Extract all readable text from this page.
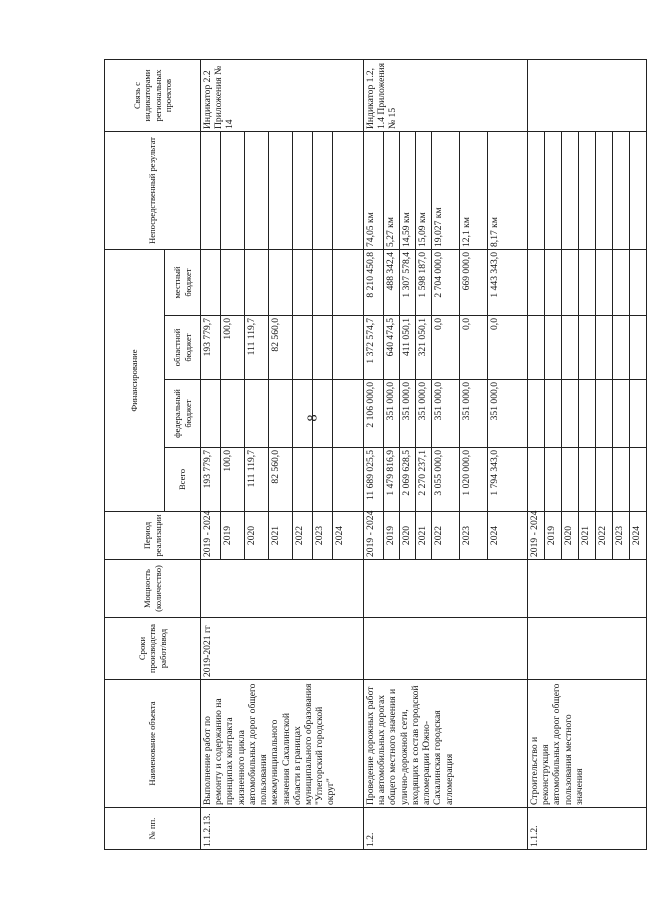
8
№ пп.	Наименование объекта	Сроки производства работ/ввод	Мощность (количество)	Период реализации	Финансирование				Непосредственный результат	Связь с индикаторами региональных проектов
					Всего	федеральный бюджет	областной бюджет	местный бюджет		
1.1.2.13.	Выполнение работ по ремонту и содержанию на принципах контракта жизненного цикла автомобильных дорог общего пользования межмуниципального значения Сахалинской области в границах муниципального образования "Углегорский городской округ"	2019-2021 гг		2019 - 2024	193 779,7		193 779,7			Индикатор 2.2 Приложения № 14
				2019	100,0		100,0			
				2020	111 119,7		111 119,7			
				2021	82 560,0		82 560,0			
				2022						
				2023						
				2024						
1.2.	Проведение дорожных работ на автомобильных дорогах общего местного значения и улично-дорожной сети, входящих в состав городской агломерации Южно-Сахалинская городская агломерация			2019 - 2024	11 689 025,5	2 106 000,0	1 372 574,7	8 210 450,8	74,05 км	Индикатор 1.2, 1.4 Приложения № 15
				2019	1 479 816,9	351 000,0	640 474,5	488 342,4	5,27 км	
				2020	2 069 628,5	351 000,0	411 050,1	1 307 578,4	14,59 км	
				2021	2 270 237,1	351 000,0	321 050,1	1 598 187,0	15,09 км	
				2022	3 055 000,0	351 000,0	0,0	2 704 000,0	19,027 км	
				2023	1 020 000,0	351 000,0	0,0	669 000,0	12,1 км	
				2024	1 794 343,0	351 000,0	0,0	1 443 343,0	8,17 км	
1.1.2.	Строительство и реконструкция автомобильных дорог общего пользования местного значения			2019 - 2024						
				2019						
				2020						
				2021						
				2022						
				2023						
				2024						
